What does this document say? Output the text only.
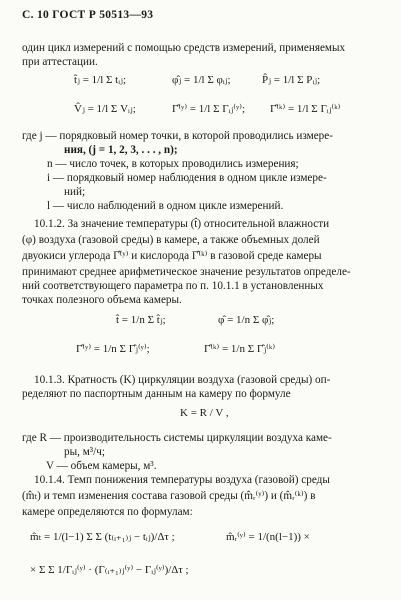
С. 10 ГОСТ Р 50513—93
один цикл измерений с помощью средств измерений, применяемых
при аттестации.
t̂ⱼ = 1/l Σ tᵢⱼ;	φ̂ⱼ = 1/l Σ φᵢⱼ;	P̂ⱼ = 1/l Σ Pᵢⱼ;
V̂ⱼ = 1/l Σ Vᵢⱼ;	Γ̂⁽ʸ⁾ = 1/l Σ Γᵢⱼ⁽ʸ⁾; Γ̂⁽ᵏ⁾ = 1/l Σ Γᵢⱼ⁽ᵏ⁾
где j — порядковый номер точки, в которой проводились измере-
ния, (j = 1, 2, 3, . . . , n);
n — число точек, в которых проводились измерения;
i — порядковый номер наблюдения в одном цикле измере-
ний;
l — число наблюдений в одном цикле измерений.
10.1.2. За значение температуры (t̂) относительной влажности
(φ) воздуха (газовой среды) в камере, а также объемных долей
двуокиси углерода Γ̂⁽ʸ⁾ и кислорода Γ̂⁽ᵏ⁾ в газовой среде камеры
принимают среднее арифметическое значение результатов определе-
ний соответствующего параметра по п. 10.1.1 в установленных
точках полезного объема камеры.
t̂ = 1/n Σ t̂ⱼ;	φ̂ = 1/n Σ φ̂ⱼ;
Γ̂⁽ʸ⁾ = 1/n Σ Γ̂ⱼ⁽ʸ⁾;	Γ̂⁽ᵏ⁾ = 1/n Σ Γ̂ⱼ⁽ᵏ⁾
10.1.3. Кратность (K) циркуляции воздуха (газовой среды) оп-
ределяют по паспортным данным на камеру по формуле
K = R / V ,
где R — производительность системы циркуляции воздуха каме-
ры, м³/ч;
V — объем камеры, м³.
10.1.4. Темп понижения температуры воздуха (газовой) среды
(m̂ₜ) и темп изменения состава газовой среды (m̂ᵣ⁽ʸ⁾) и (m̂ᵣ⁽ᵏ⁾) в
камере определяются по формулам:
m̂ₜ = 1/(l−1) Σ Σ (t₍ᵢ₊₁₎ⱼ − tᵢⱼ)/Δτ ;	m̂ᵣ⁽ʸ⁾ = 1/(n(l−1)) ×
× Σ Σ 1/Γᵢⱼ⁽ʸ⁾ · (Γ₍ᵢ₊₁₎ⱼ⁽ʸ⁾ − Γᵢⱼ⁽ʸ⁾)/Δτ ;
